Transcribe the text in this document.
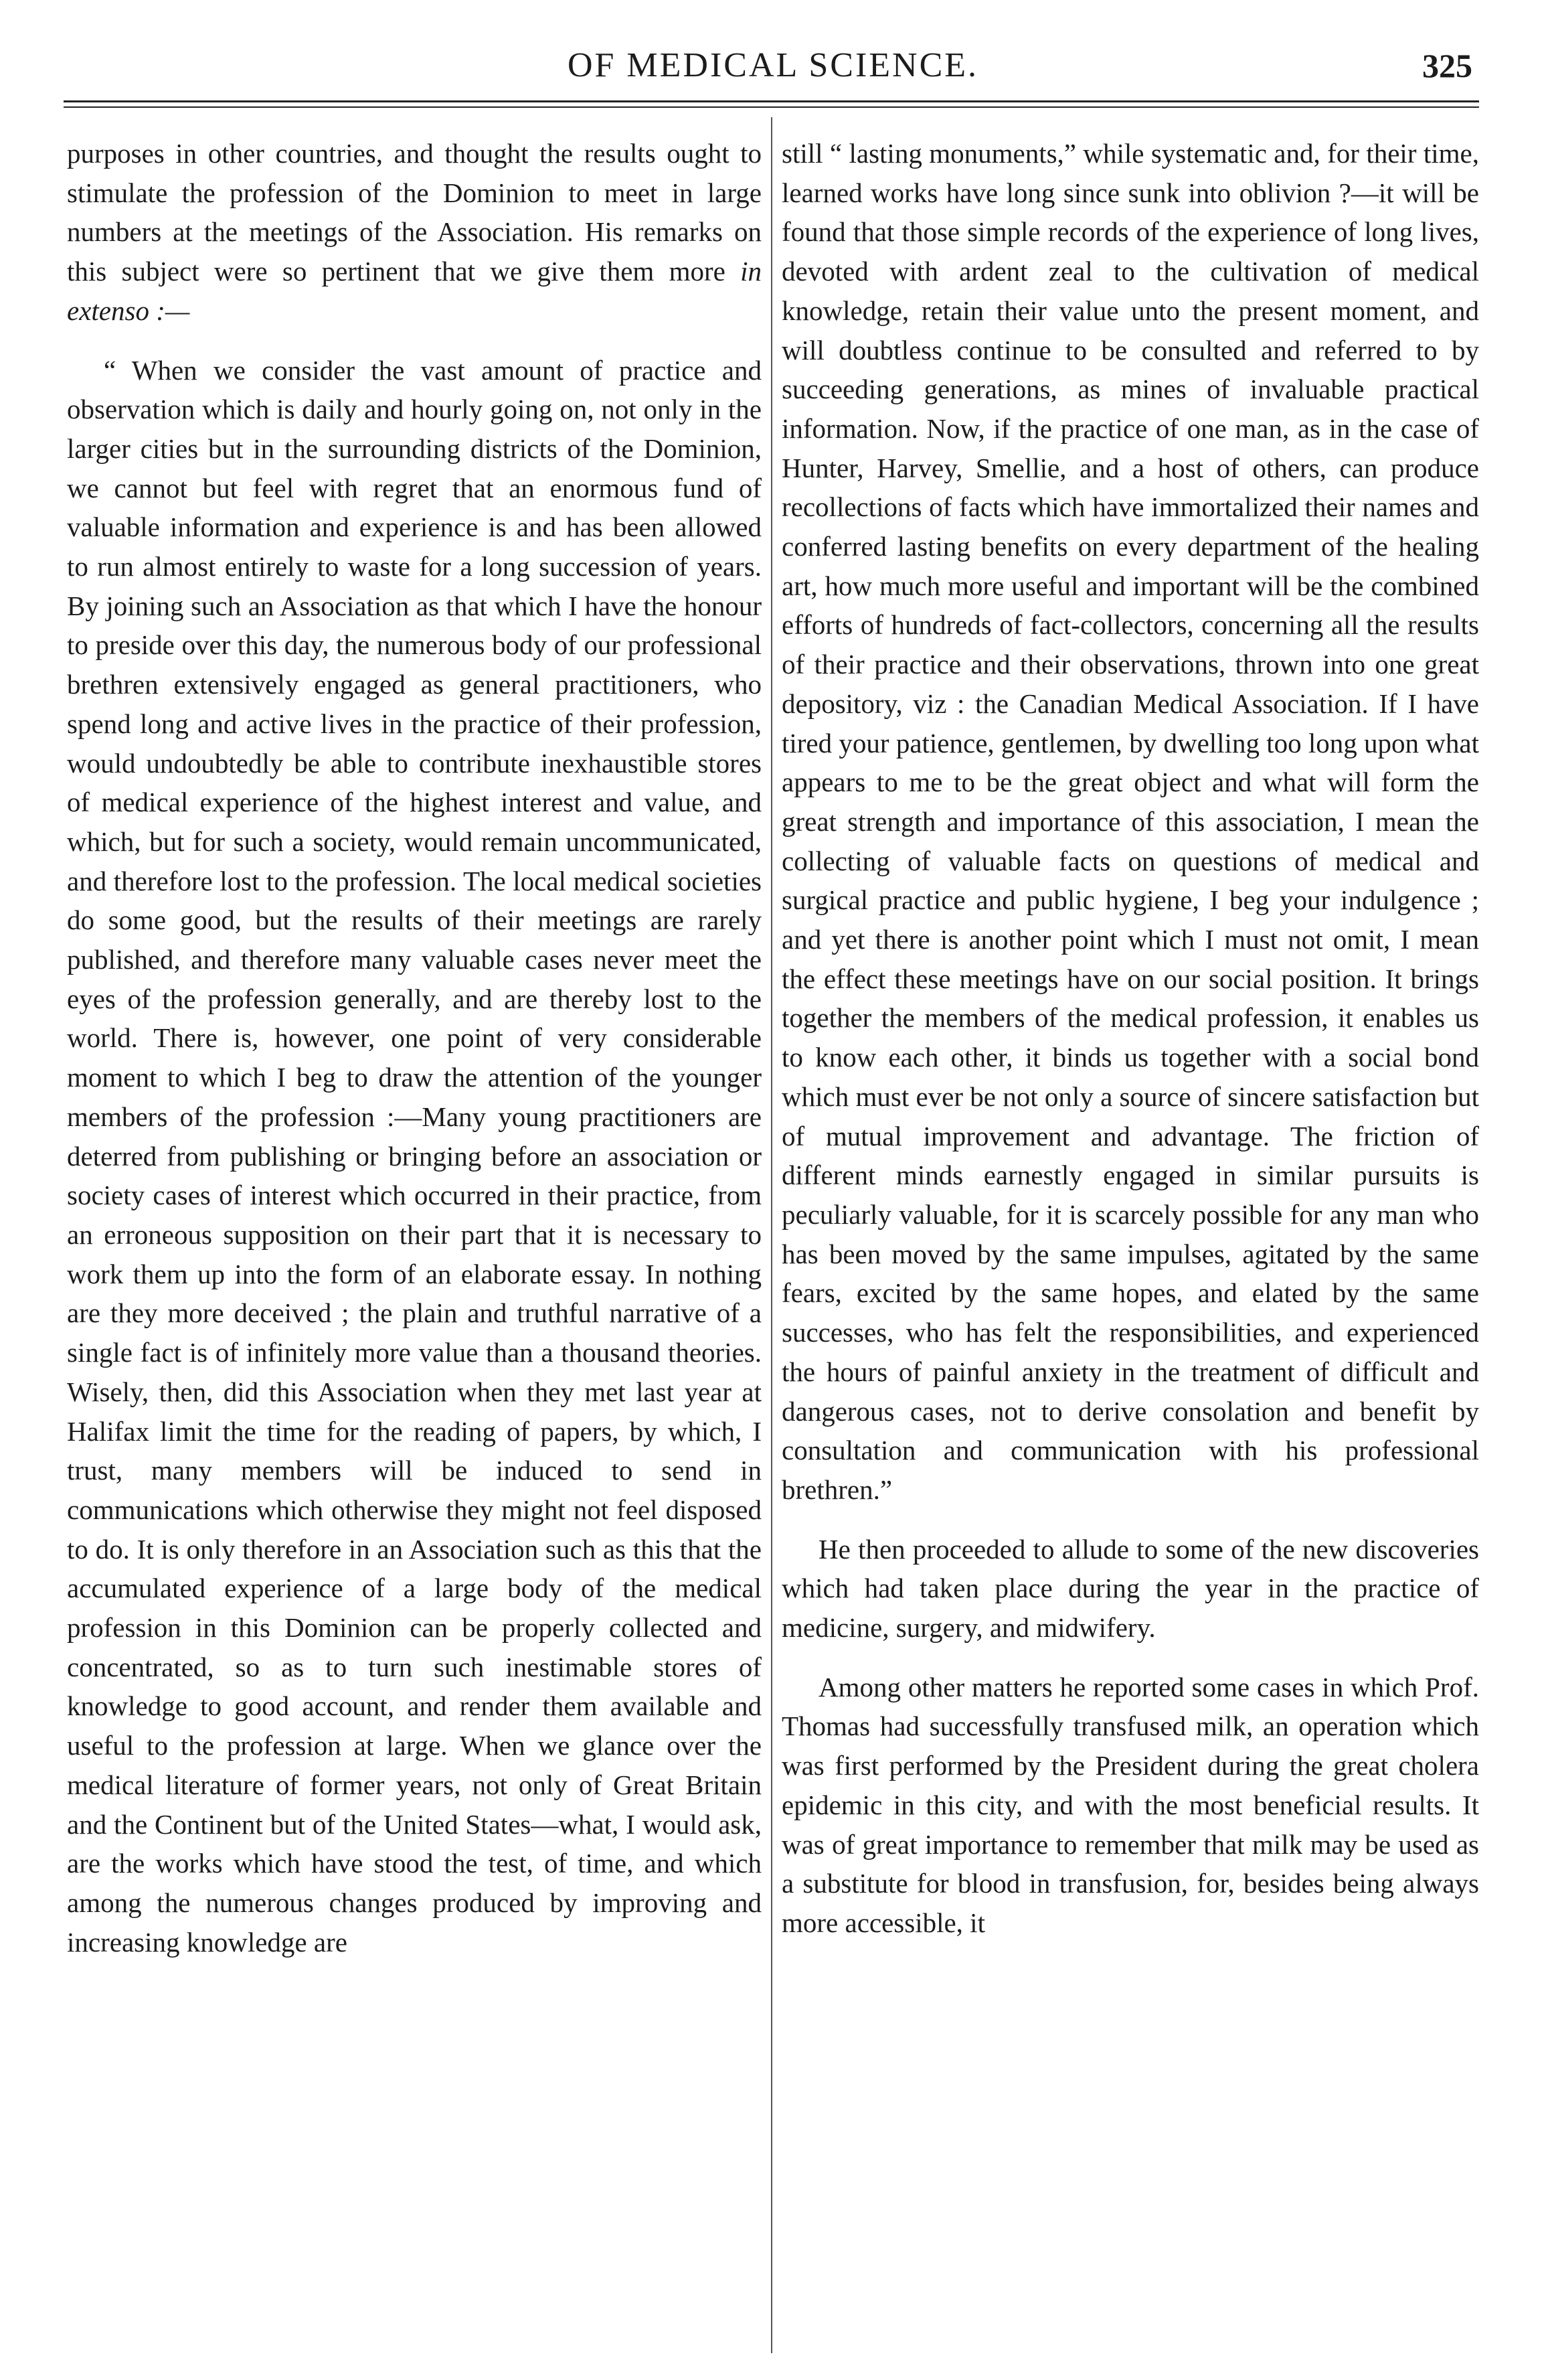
OF MEDICAL SCIENCE.	325

purposes in other countries, and thought the results ought to stimulate the profession of the Dominion to meet in large numbers at the meetings of the Association. His remarks on this subject were so pertinent that we give them more in extenso :—

“ When we consider the vast amount of practice and observation which is daily and hourly going on, not only in the larger cities but in the surrounding districts of the Dominion, we cannot but feel with regret that an enormous fund of valuable information and experience is and has been allowed to run almost entirely to waste for a long succession of years. By joining such an Association as that which I have the honour to preside over this day, the numerous body of our professional brethren extensively engaged as general practitioners, who spend long and active lives in the practice of their profession, would undoubtedly be able to contribute inexhaustible stores of medical experience of the highest interest and value, and which, but for such a society, would remain uncommunicated, and therefore lost to the profession. The local medical societies do some good, but the results of their meetings are rarely published, and therefore many valuable cases never meet the eyes of the profession generally, and are thereby lost to the world. There is, however, one point of very considerable moment to which I beg to draw the attention of the younger members of the profession :—Many young practitioners are deterred from publishing or bringing before an association or society cases of interest which occurred in their practice, from an erroneous supposition on their part that it is necessary to work them up into the form of an elaborate essay. In nothing are they more deceived ; the plain and truthful narrative of a single fact is of infinitely more value than a thousand theories. Wisely, then, did this Association when they met last year at Halifax limit the time for the reading of papers, by which, I trust, many members will be induced to send in communications which otherwise they might not feel disposed to do. It is only therefore in an Association such as this that the accumulated experience of a large body of the medical profession in this Dominion can be properly collected and concentrated, so as to turn such inestimable stores of knowledge to good account, and render them available and useful to the profession at large. When we glance over the medical literature of former years, not only of Great Britain and the Continent but of the United States—what, I would ask, are the works which have stood the test, of time, and which among the numerous changes produced by improving and increasing knowledge are

still “ lasting monuments,” while systematic and, for their time, learned works have long since sunk into oblivion ?—it will be found that those simple records of the experience of long lives, devoted with ardent zeal to the cultivation of medical knowledge, retain their value unto the present moment, and will doubtless continue to be consulted and referred to by succeeding generations, as mines of invaluable practical information. Now, if the practice of one man, as in the case of Hunter, Harvey, Smellie, and a host of others, can produce recollections of facts which have immortalized their names and conferred lasting benefits on every department of the healing art, how much more useful and important will be the combined efforts of hundreds of fact-collectors, concerning all the results of their practice and their observations, thrown into one great depository, viz : the Canadian Medical Association. If I have tired your patience, gentlemen, by dwelling too long upon what appears to me to be the great object and what will form the great strength and importance of this association, I mean the collecting of valuable facts on questions of medical and surgical practice and public hygiene, I beg your indulgence ; and yet there is another point which I must not omit, I mean the effect these meetings have on our social position. It brings together the members of the medical profession, it enables us to know each other, it binds us together with a social bond which must ever be not only a source of sincere satisfaction but of mutual improvement and advantage. The friction of different minds earnestly engaged in similar pursuits is peculiarly valuable, for it is scarcely possible for any man who has been moved by the same impulses, agitated by the same fears, excited by the same hopes, and elated by the same successes, who has felt the responsibilities, and experienced the hours of painful anxiety in the treatment of difficult and dangerous cases, not to derive consolation and benefit by consultation and communication with his professional brethren.”

He then proceeded to allude to some of the new discoveries which had taken place during the year in the practice of medicine, surgery, and midwifery.

Among other matters he reported some cases in which Prof. Thomas had successfully transfused milk, an operation which was first performed by the President during the great cholera epidemic in this city, and with the most beneficial results. It was of great importance to remember that milk may be used as a substitute for blood in transfusion, for, besides being always more accessible, it
